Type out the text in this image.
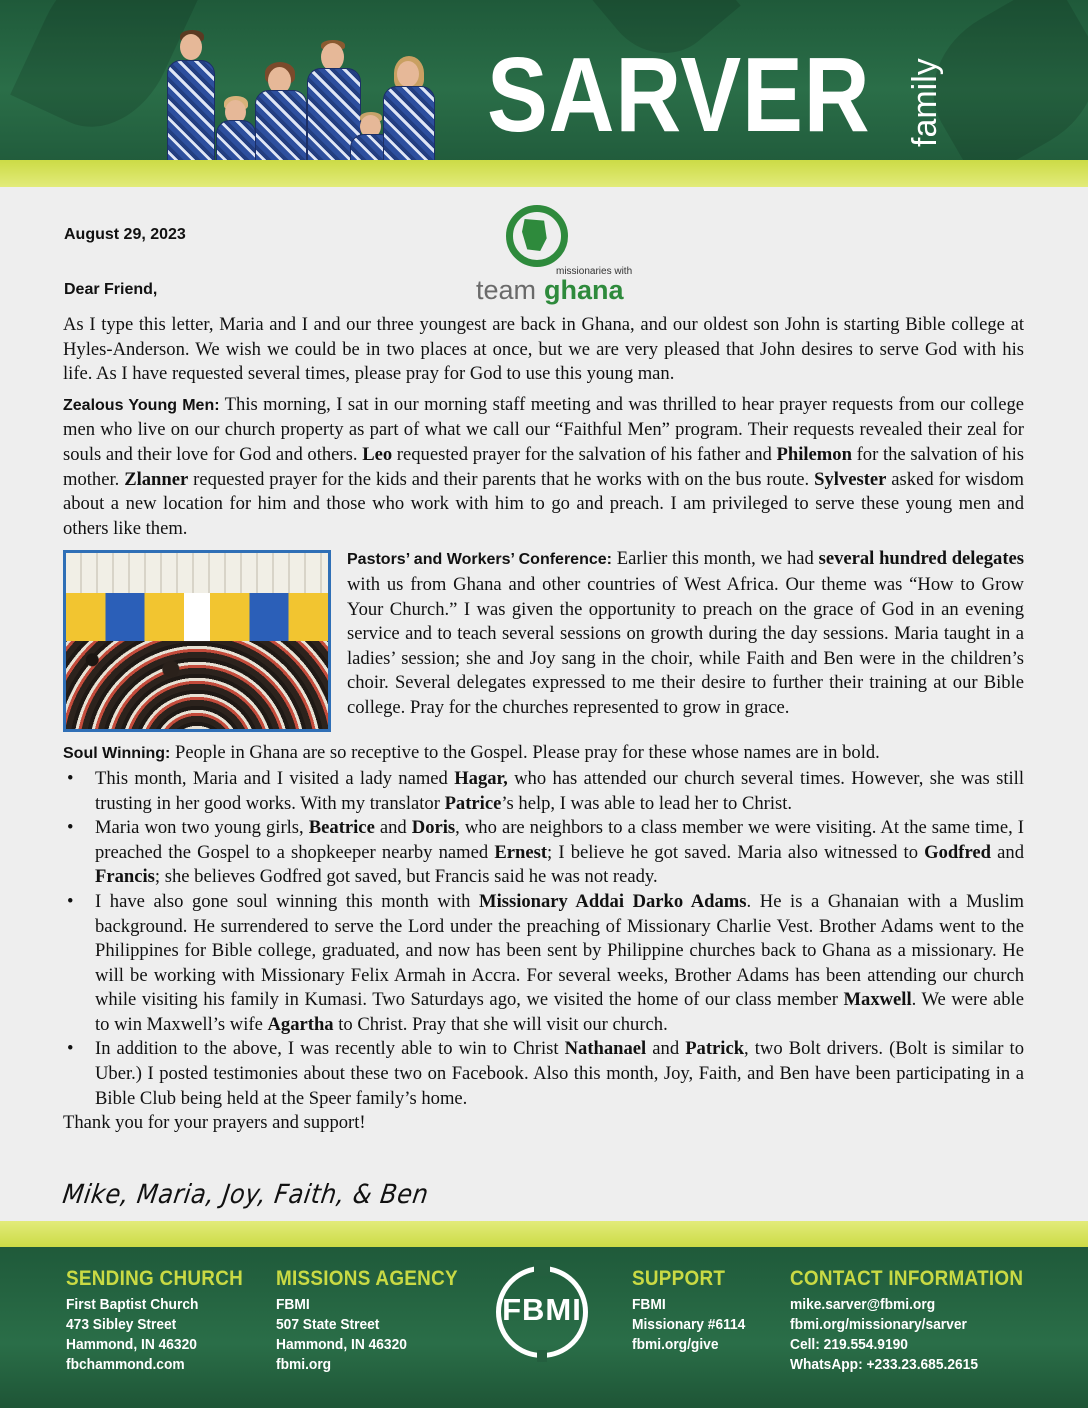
SARVER family
missionaries with
team ghana
August 29, 2023
Dear Friend,

As I type this letter, Maria and I and our three youngest are back in Ghana, and our oldest son John is starting Bible college at Hyles-Anderson. We wish we could be in two places at once, but we are very pleased that John desires to serve God with his life. As I have requested several times, please pray for God to use this young man.

Zealous Young Men: This morning, I sat in our morning staff meeting and was thrilled to hear prayer requests from our college men who live on our church property as part of what we call our “Faithful Men” program. Their requests revealed their zeal for souls and their love for God and others. Leo requested prayer for the salvation of his father and Philemon for the salvation of his mother. Zlanner requested prayer for the kids and their parents that he works with on the bus route. Sylvester asked for wisdom about a new location for him and those who work with him to go and preach. I am privileged to serve these young men and others like them.

Pastors’ and Workers’ Conference: Earlier this month, we had several hundred delegates with us from Ghana and other countries of West Africa. Our theme was “How to Grow Your Church.” I was given the opportunity to preach on the grace of God in an evening service and to teach several sessions on growth during the day sessions. Maria taught in a ladies’ session; she and Joy sang in the choir, while Faith and Ben were in the children’s choir. Several delegates expressed to me their desire to further their training at our Bible college. Pray for the churches represented to grow in grace.

Soul Winning: People in Ghana are so receptive to the Gospel. Please pray for these whose names are in bold.

• This month, Maria and I visited a lady named Hagar, who has attended our church several times. However, she was still trusting in her good works. With my translator Patrice’s help, I was able to lead her to Christ.
• Maria won two young girls, Beatrice and Doris, who are neighbors to a class member we were visiting. At the same time, I preached the Gospel to a shopkeeper nearby named Ernest; I believe he got saved. Maria also witnessed to Godfred and Francis; she believes Godfred got saved, but Francis said he was not ready.
• I have also gone soul winning this month with Missionary Addai Darko Adams. He is a Ghanaian with a Muslim background. He surrendered to serve the Lord under the preaching of Missionary Charlie Vest. Brother Adams went to the Philippines for Bible college, graduated, and now has been sent by Philippine churches back to Ghana as a missionary. He will be working with Missionary Felix Armah in Accra. For several weeks, Brother Adams has been attending our church while visiting his family in Kumasi. Two Saturdays ago, we visited the home of our class member Maxwell. We were able to win Maxwell’s wife Agartha to Christ. Pray that she will visit our church.
• In addition to the above, I was recently able to win to Christ Nathanael and Patrick, two Bolt drivers. (Bolt is similar to Uber.) I posted testimonies about these two on Facebook. Also this month, Joy, Faith, and Ben have been participating in a Bible Club being held at the Speer family’s home.

Thank you for your prayers and support!

Mike, Maria, Joy, Faith, & Ben
SENDING CHURCH
First Baptist Church
473 Sibley Street
Hammond, IN 46320
fbchammond.com
MISSIONS AGENCY
FBMI
507 State Street
Hammond, IN 46320
fbmi.org
FBMI
SUPPORT
FBMI
Missionary #6114
fbmi.org/give
CONTACT INFORMATION
mike.sarver@fbmi.org
fbmi.org/missionary/sarver
Cell: 219.554.9190
WhatsApp: +233.23.685.2615
